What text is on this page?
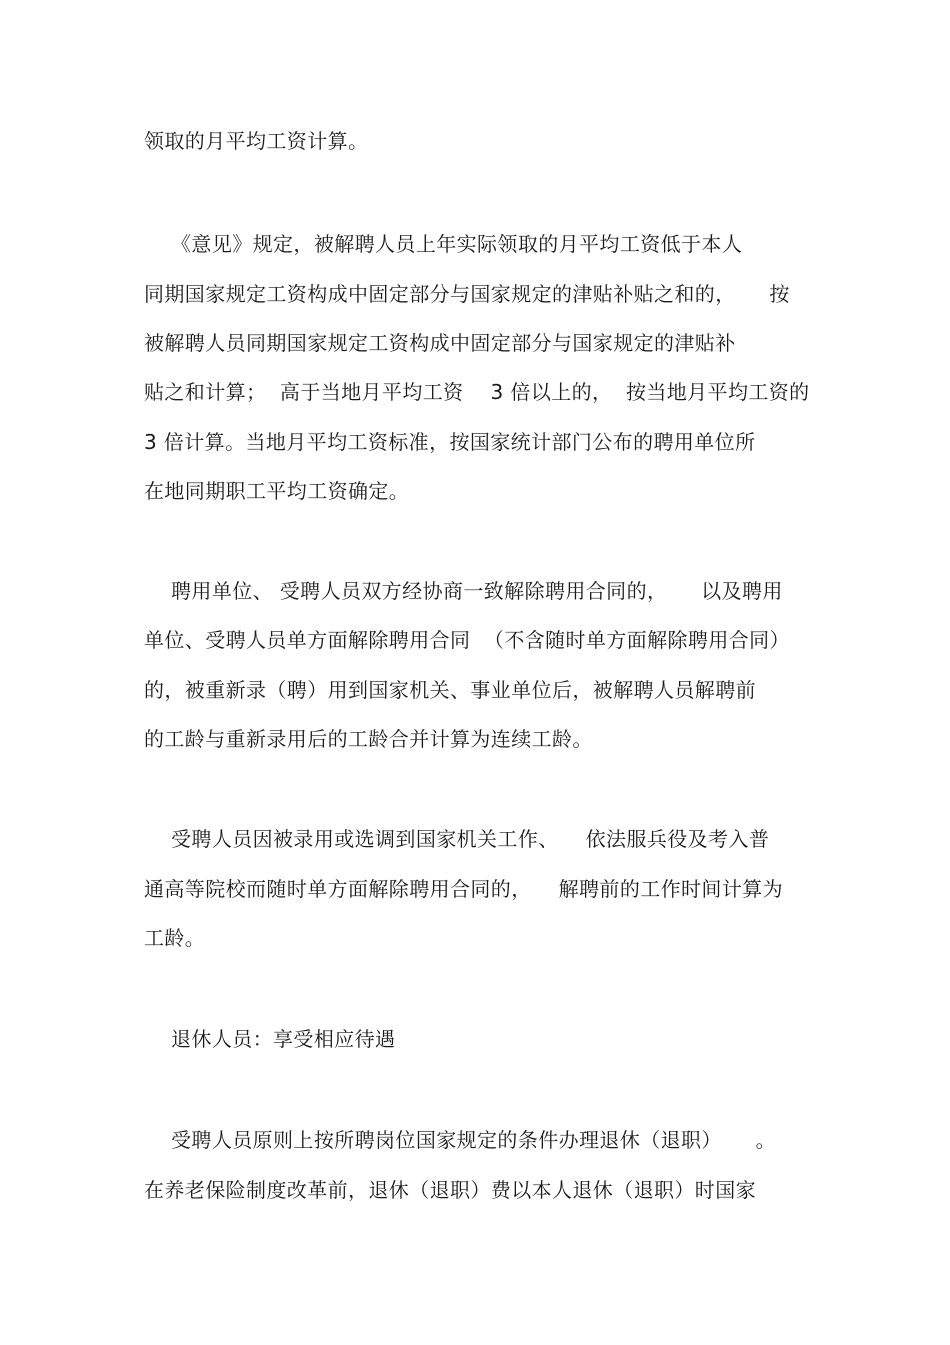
领取的月平均工资计算。
《意见》规定，被解聘人员上年实际领取的月平均工资低于本人
同期国家规定工资构成中固定部分与国家规定的津贴补贴之和的，     按
被解聘人员同期国家规定工资构成中固定部分与国家规定的津贴补
贴之和计算；  高于当地月平均工资    3 倍以上的，  按当地月平均工资的
3 倍计算。当地月平均工资标准，按国家统计部门公布的聘用单位所
在地同期职工平均工资确定。
聘用单位、 受聘人员双方经协商一致解除聘用合同的，     以及聘用
单位、受聘人员单方面解除聘用合同  （不含随时单方面解除聘用合同）
的，被重新录（聘）用到国家机关、事业单位后，被解聘人员解聘前
的工龄与重新录用后的工龄合并计算为连续工龄。
受聘人员因被录用或选调到国家机关工作、    依法服兵役及考入普
通高等院校而随时单方面解除聘用合同的，    解聘前的工作时间计算为
工龄。
退休人员：享受相应待遇
受聘人员原则上按所聘岗位国家规定的条件办理退休（退职）     。
在养老保险制度改革前，退休（退职）费以本人退休（退职）时国家
